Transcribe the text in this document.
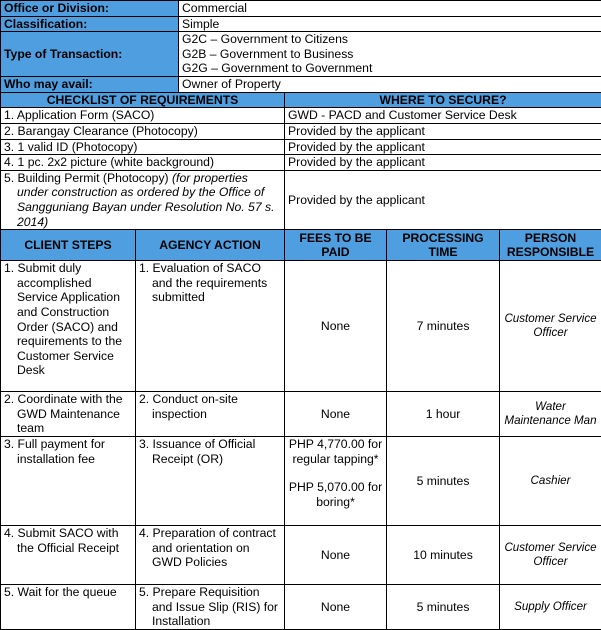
Office or Division:		Commercial			
Classification:		Simple			
Type of Transaction:		G2C – Government to Citizens
G2B – Government to Business
G2G – Government to Government			

Who may avail:		Owner of Property			
CHECKLIST OF REQUIREMENTS			WHERE TO SECURE?		
1. Application Form (SACO)			GWD - PACD and Customer Service Desk		
2. Barangay Clearance (Photocopy)			Provided by the applicant		
3. 1 valid ID (Photocopy)			Provided by the applicant		
4. 1 pc. 2x2 picture (white background)			Provided by the applicant		
5. Building Permit (Photocopy) (for properties under construction as ordered by the Office of Sangguniang Bayan under Resolution No. 57 s. 2014)			Provided by the applicant		
CLIENT STEPS	AGENCY ACTION		FEES TO BE PAID	PROCESSING TIME	PERSON RESPONSIBLE
1. Submit duly accomplished Service Application and Construction Order (SACO) and requirements to the Customer Service Desk	1. Evaluation of SACO and the requirements submitted		None	7 minutes	Customer Service Officer
2. Coordinate with the GWD Maintenance team	2. Conduct on-site inspection		None	1 hour	Water Maintenance Man
3. Full payment for installation fee	3. Issuance of Official Receipt (OR)		PHP 4,770.00 for regular tapping*
PHP 5,070.00 for boring*	5 minutes	Cashier
4. Submit SACO with the Official Receipt	4. Preparation of contract and orientation on GWD Policies		None	10 minutes	Customer Service Officer
5. Wait for the queue	5. Prepare Requisition and Issue Slip (RIS) for Installation		None	5 minutes	Supply Officer
